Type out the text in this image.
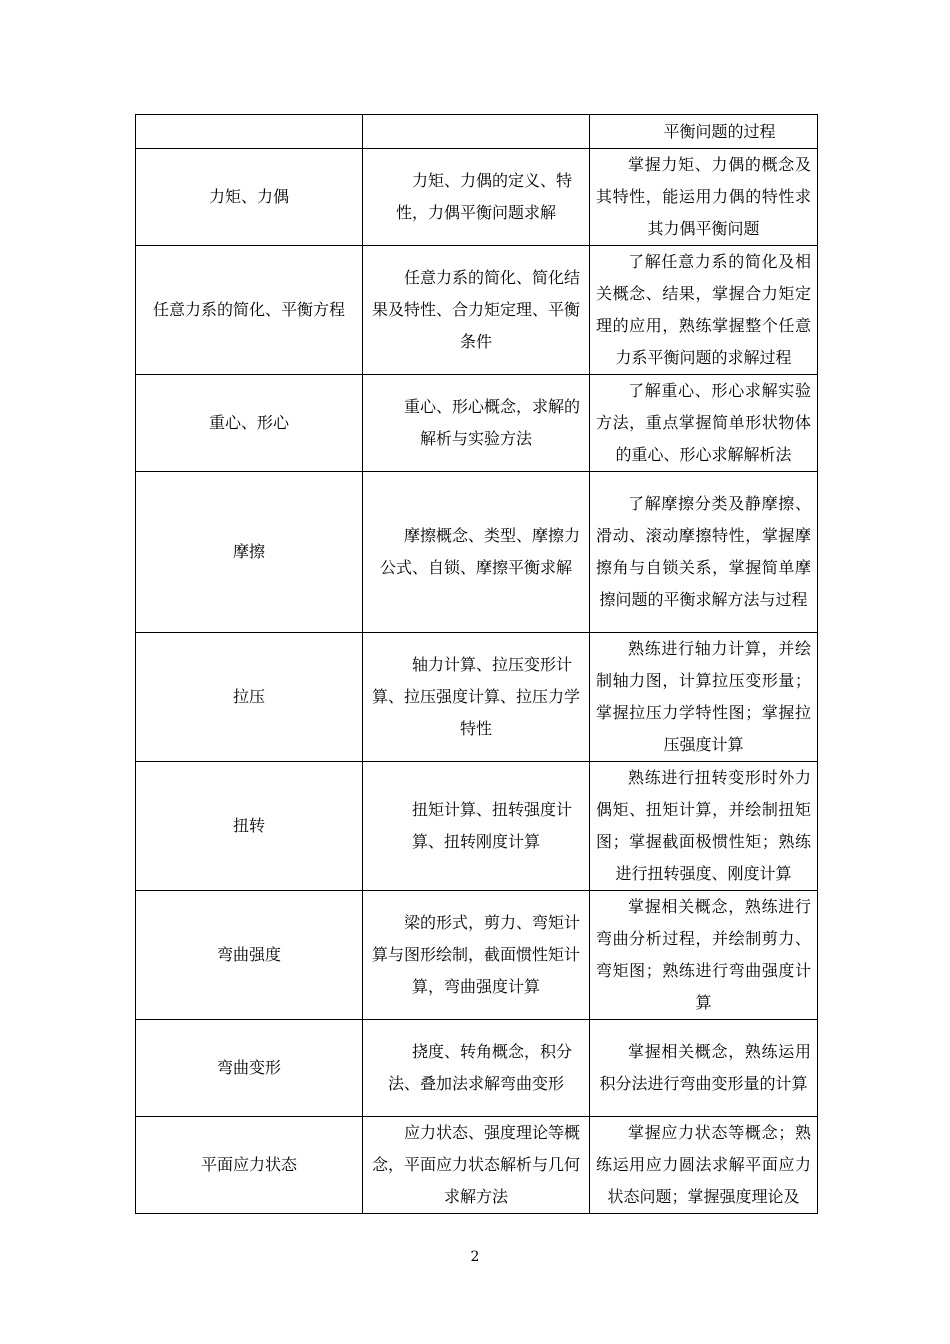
		平衡问题的过程
力矩、力偶	力矩、力偶的定义、特性，力偶平衡问题求解	掌握力矩、力偶的概念及其特性，能运用力偶的特性求其力偶平衡问题
任意力系的简化、平衡方程	任意力系的简化、简化结果及特性、合力矩定理、平衡条件	了解任意力系的简化及相关概念、结果，掌握合力矩定理的应用，熟练掌握整个任意力系平衡问题的求解过程
重心、形心	重心、形心概念，求解的解析与实验方法	了解重心、形心求解实验方法，重点掌握简单形状物体的重心、形心求解解析法
摩擦	摩擦概念、类型、摩擦力公式、自锁、摩擦平衡求解	了解摩擦分类及静摩擦、滑动、滚动摩擦特性，掌握摩擦角与自锁关系，掌握简单摩擦问题的平衡求解方法与过程
拉压	轴力计算、拉压变形计算、拉压强度计算、拉压力学特性	熟练进行轴力计算，并绘制轴力图，计算拉压变形量；掌握拉压力学特性图；掌握拉压强度计算
扭转	扭矩计算、扭转强度计算、扭转刚度计算	熟练进行扭转变形时外力偶矩、扭矩计算，并绘制扭矩图；掌握截面极惯性矩；熟练进行扭转强度、刚度计算
弯曲强度	梁的形式，剪力、弯矩计算与图形绘制，截面惯性矩计算，弯曲强度计算	掌握相关概念，熟练进行弯曲分析过程，并绘制剪力、弯矩图；熟练进行弯曲强度计算
弯曲变形	挠度、转角概念，积分法、叠加法求解弯曲变形	掌握相关概念，熟练运用积分法进行弯曲变形量的计算
平面应力状态	应力状态、强度理论等概念，平面应力状态解析与几何求解方法	掌握应力状态等概念；熟练运用应力圆法求解平面应力状态问题；掌握强度理论及
2
